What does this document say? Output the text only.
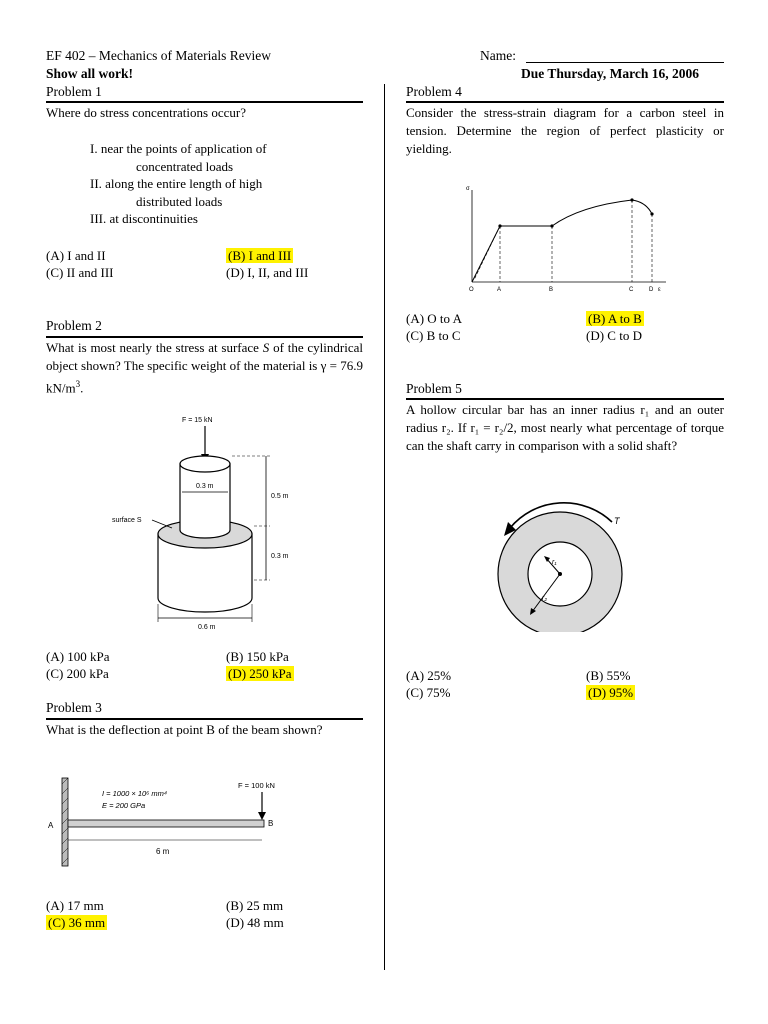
EF 402 – Mechanics of Materials Review
Show all work!
Name:
Due Thursday, March 16, 2006
Problem 1
Where do stress concentrations occur?
I. near the points of application of
concentrated loads
II. along the entire length of high
distributed loads
III. at discontinuities
(A) I and II	(B) I and III
(C) II and III	(D) I, II, and III
Problem 2
What is most nearly the stress at surface S of the cylindrical object shown? The specific weight of the material is γ = 76.9 $kN/m^3$.
F = 15 kN
0.3 m
0.5 m
0.3 m
surface S
0.6 m
(A) 100 kPa	(B) 150 kPa
(C) 200 kPa	(D) 250 kPa
Problem 3
What is the deflection at point B of the beam shown?
A	B
I = 1000 × 10⁶ mm⁴
E = 200 GPa
F = 100 kN
6 m
(A) 17 mm	(B) 25 mm
(C) 36 mm	(D) 48 mm
Problem 4
Consider the stress-strain diagram for a carbon steel in tension. Determine the region of perfect plasticity or yielding.
σ
O	A	B	C	D ε
(A) O to A	(B) A to B
(C) B to C	(D) C to D
Problem 5
A hollow circular bar has an inner radius r₁ and an outer radius r₂. If r₁ = r₂/2, most nearly what percentage of torque can the shaft carry in comparison with a solid shaft?
T
r₁
r₂
(A) 25%	(B) 55%
(C) 75%	(D) 95%
